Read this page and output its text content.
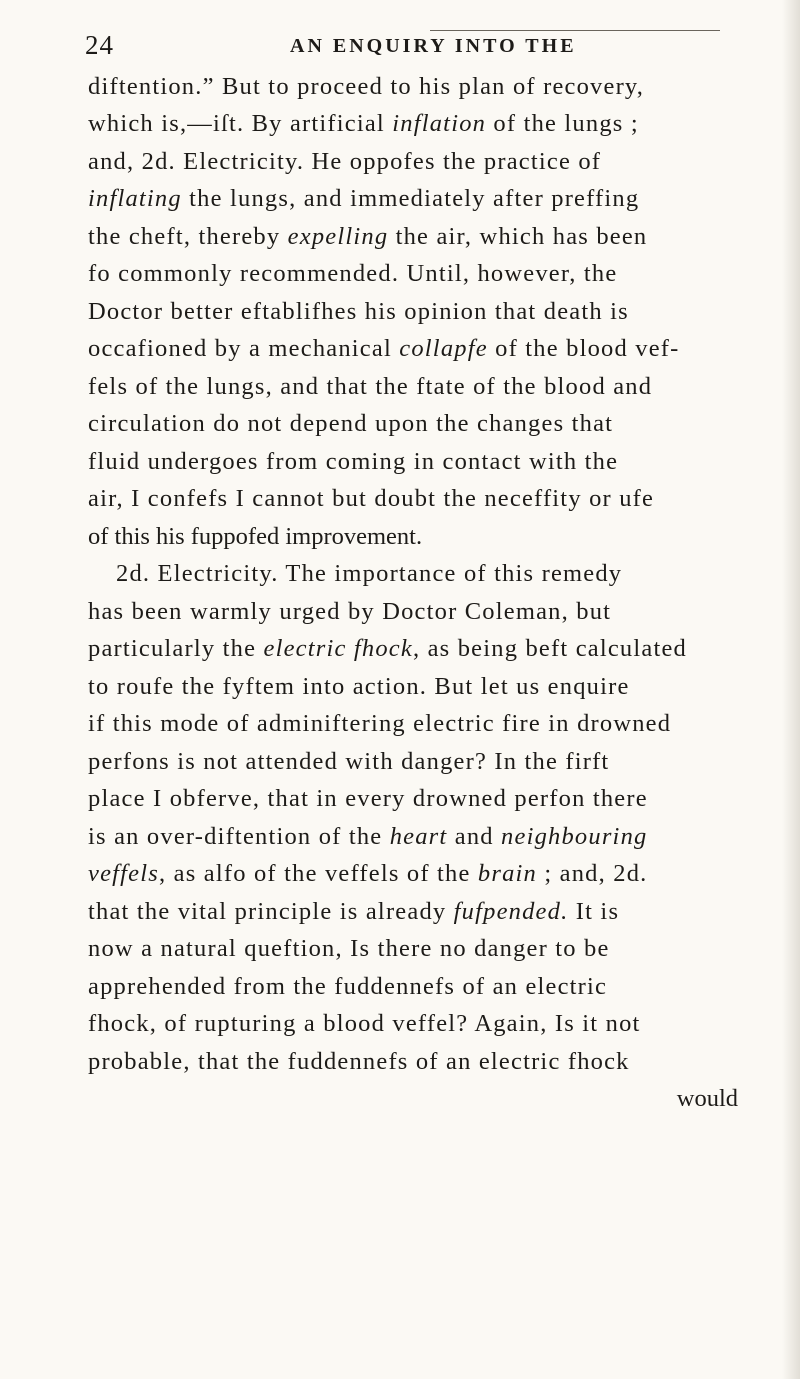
24	AN ENQUIRY INTO THE
diftention.” But to proceed to his plan of recovery,
which is,—iſt. By artificial inflation of the lungs ;
and, 2d. Electricity. He oppofes the practice of
inflating the lungs, and immediately after preffing
the cheft, thereby expelling the air, which has been
fo commonly recommended. Until, however, the
Doctor better eftablifhes his opinion that death is
occafioned by a mechanical collapfe of the blood vef-
fels of the lungs, and that the ftate of the blood and
circulation do not depend upon the changes that
fluid undergoes from coming in contact with the
air, I confefs I cannot but doubt the neceffity or ufe
of this his fuppofed improvement.
2d. Electricity. The importance of this remedy
has been warmly urged by Doctor Coleman, but
particularly the electric fhock, as being beft calculated
to roufe the fyftem into action. But let us enquire
if this mode of adminiftering electric fire in drowned
perfons is not attended with danger? In the firft
place I obferve, that in every drowned perfon there
is an over-diftention of the heart and neighbouring
veffels, as alfo of the veffels of the brain ; and, 2d.
that the vital principle is already fufpended. It is
now a natural queftion, Is there no danger to be
apprehended from the fuddennefs of an electric
fhock, of rupturing a blood veffel? Again, Is it not
probable, that the fuddennefs of an electric fhock
would
